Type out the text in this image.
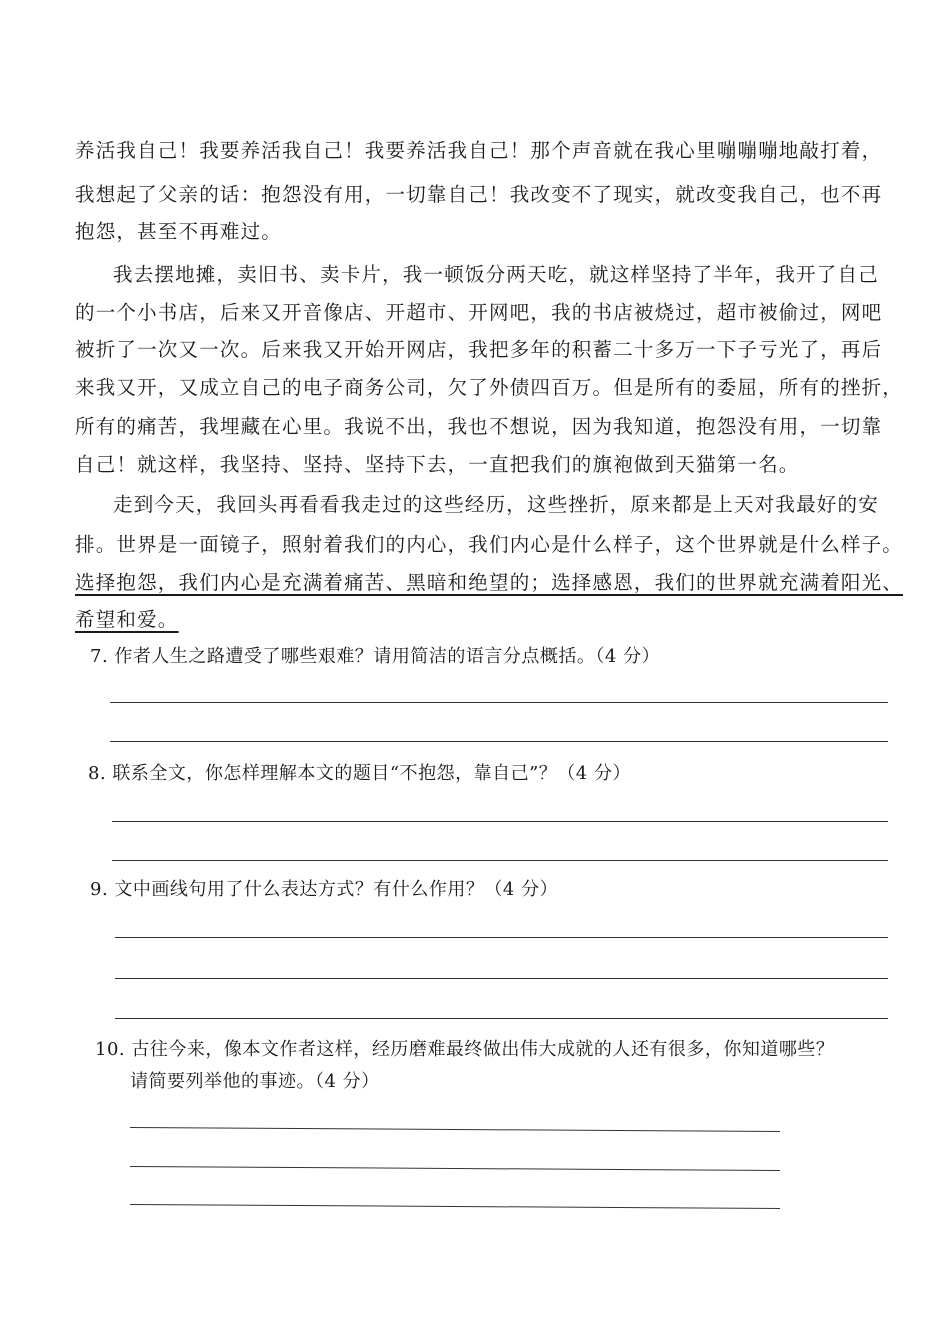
养活我自己！我要养活我自己！我要养活我自己！那个声音就在我心里嘣嘣嘣地敲打着，
我想起了父亲的话：抱怨没有用，一切靠自己！我改变不了现实，就改变我自己，也不再
抱怨，甚至不再难过。
我去摆地摊，卖旧书、卖卡片，我一顿饭分两天吃，就这样坚持了半年，我开了自己
的一个小书店，后来又开音像店、开超市、开网吧，我的书店被烧过，超市被偷过，网吧
被折了一次又一次。后来我又开始开网店，我把多年的积蓄二十多万一下子亏光了，再后
来我又开，又成立自己的电子商务公司，欠了外债四百万。但是所有的委屈，所有的挫折，
所有的痛苦，我埋藏在心里。我说不出，我也不想说，因为我知道，抱怨没有用，一切靠
自己！就这样，我坚持、坚持、坚持下去，一直把我们的旗袍做到天猫第一名。
走到今天，我回头再看看我走过的这些经历，这些挫折，原来都是上天对我最好的安
排。世界是一面镜子，照射着我们的内心，我们内心是什么样子，这个世界就是什么样子。
选择抱怨，我们内心是充满着痛苦、黑暗和绝望的；选择感恩，我们的世界就充满着阳光、
希望和爱。
7. 作者人生之路遭受了哪些艰难？请用简洁的语言分点概括。（4 分）
8. 联系全文，你怎样理解本文的题目“不抱怨，靠自己”？（4 分）
9. 文中画线句用了什么表达方式？有什么作用？（4 分）
10. 古往今来，像本文作者这样，经历磨难最终做出伟大成就的人还有很多，你知道哪些？
请简要列举他的事迹。（4 分）
